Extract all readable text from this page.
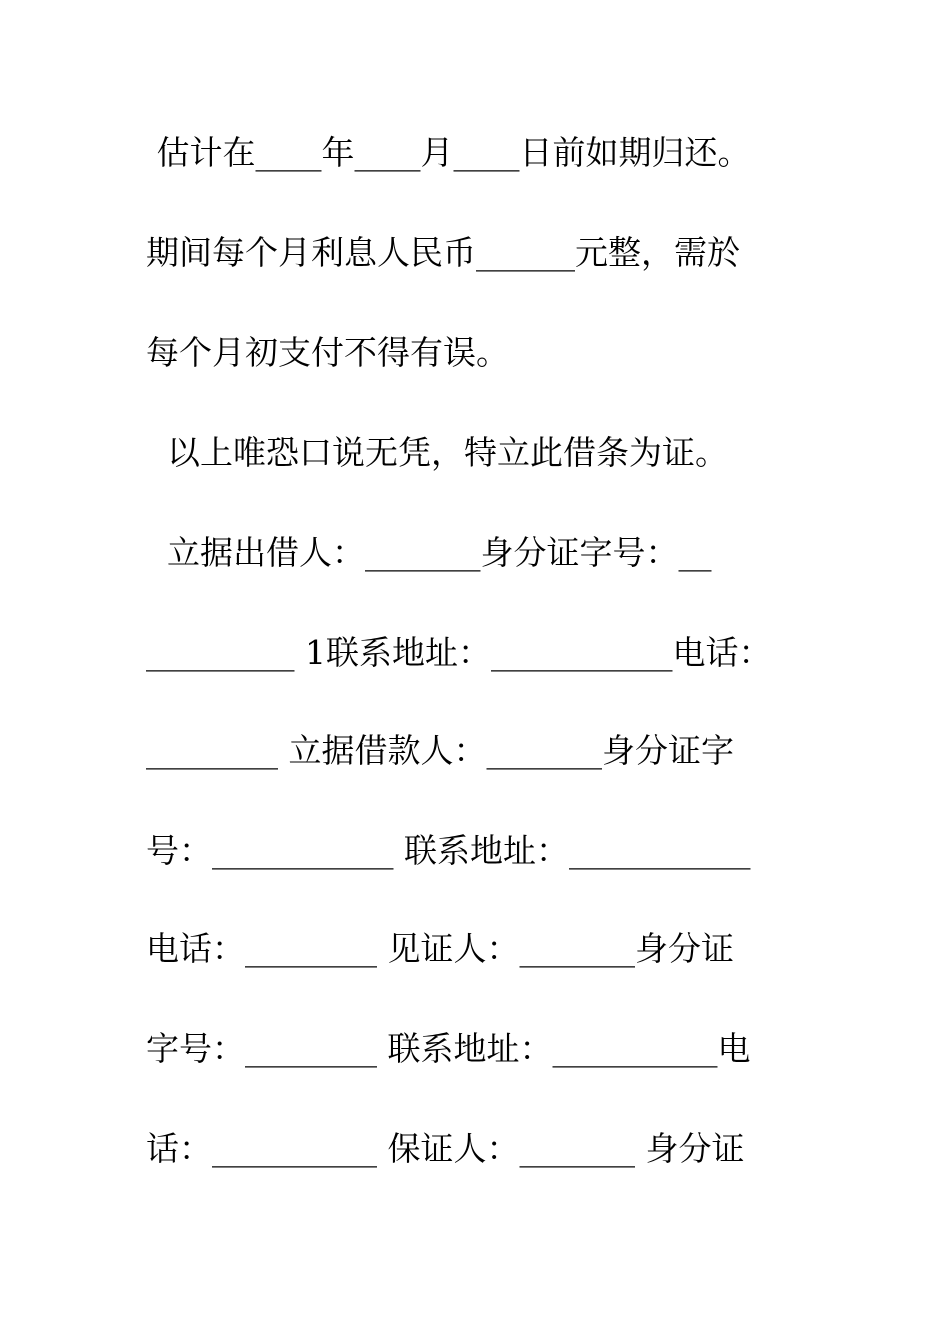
估计在____年____月____日前如期归还。
期间每个月利息人民币______元整，需於
每个月初支付不得有误。
以上唯恐口说无凭，特立此借条为证。
立据出借人：_______身分证字号：__
_________ 1联系地址：___________电话：
________ 立据借款人：_______身分证字
号：___________ 联系地址：___________
电话：________ 见证人：_______身分证
字号：________ 联系地址：__________电
话：__________ 保证人：_______ 身分证
